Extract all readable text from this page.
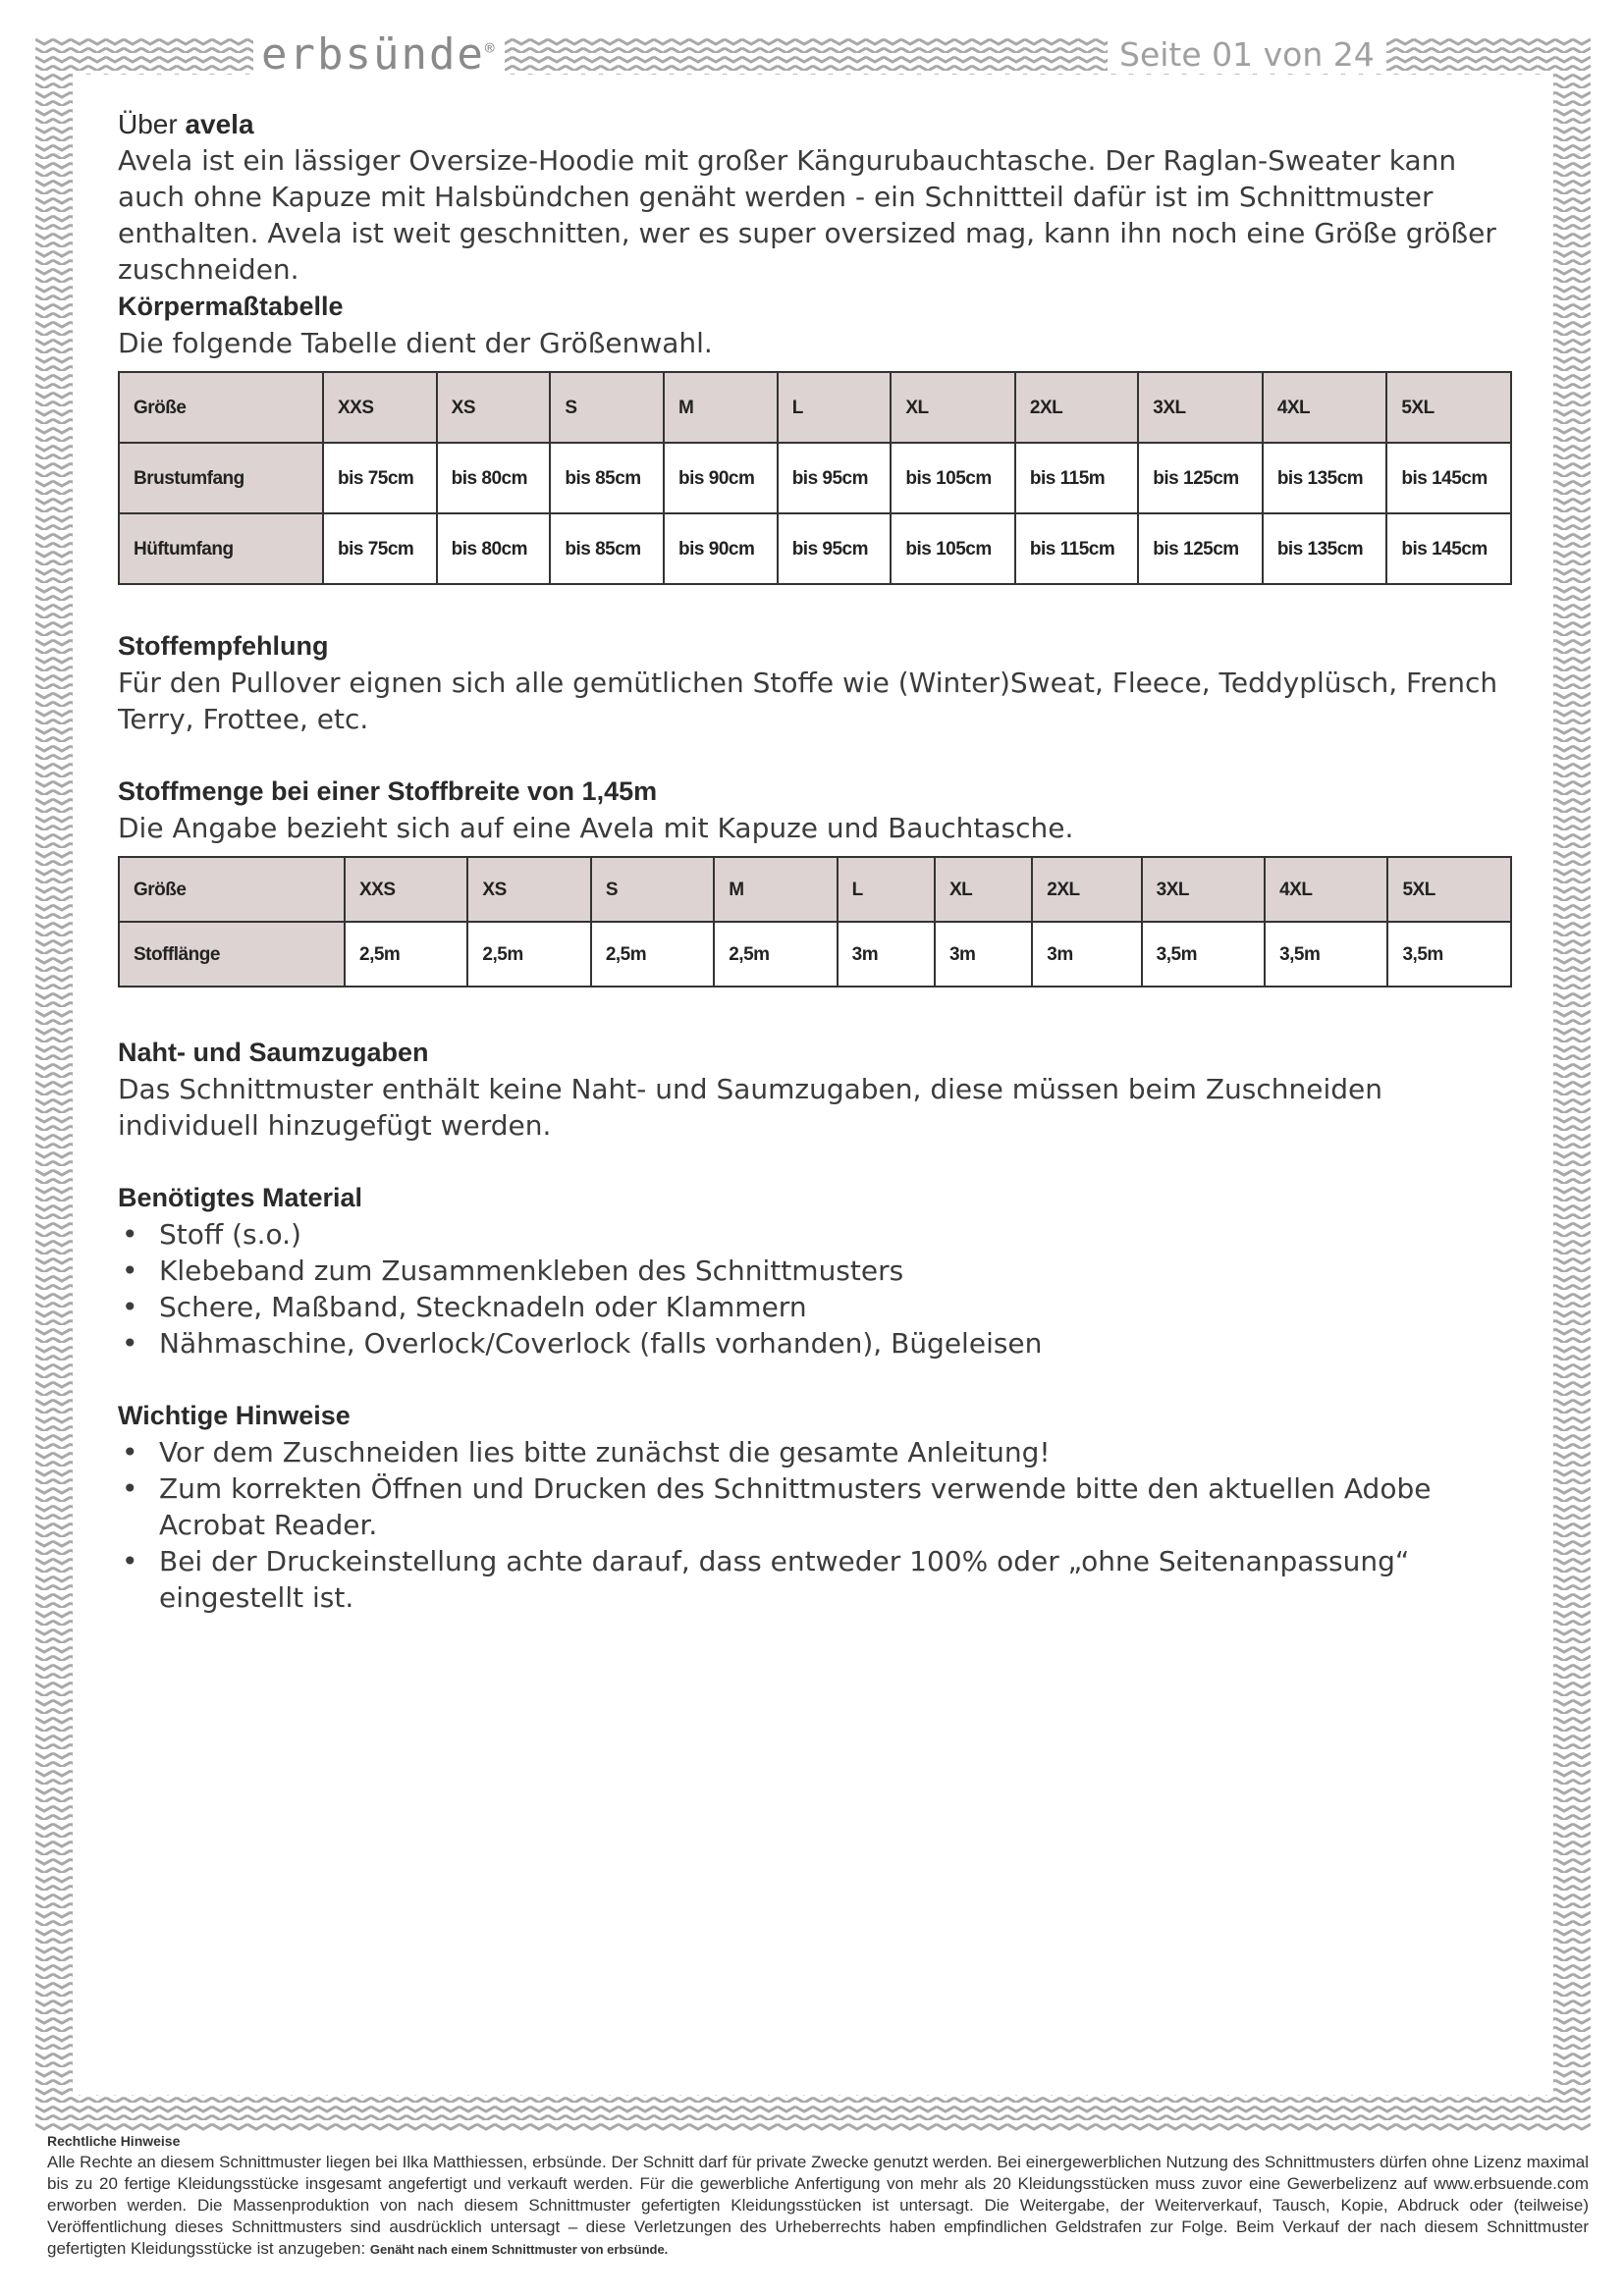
erbsünde®	Seite 01 von 24

Über avela

Avela ist ein lässiger Oversize-Hoodie mit großer Kängurubauchtasche. Der Raglan-Sweater kann auch ohne Kapuze mit Halsbündchen genäht werden - ein Schnittteil dafür ist im Schnittmuster enthalten. Avela ist weit geschnitten, wer es super oversized mag, kann ihn noch eine Größe größer zuschneiden.

Körpermaßtabelle

Die folgende Tabelle dient der Größenwahl.

Größe	XXS	XS	S	M	L	XL	2XL	3XL	4XL	5XL
Brustumfang	bis 75cm	bis 80cm	bis 85cm	bis 90cm	bis 95cm	bis 105cm	bis 115m	bis 125cm	bis 135cm	bis 145cm
Hüftumfang	bis 75cm	bis 80cm	bis 85cm	bis 90cm	bis 95cm	bis 105cm	bis 115cm	bis 125cm	bis 135cm	bis 145cm

Stoffempfehlung

Für den Pullover eignen sich alle gemütlichen Stoffe wie (Winter)Sweat, Fleece, Teddyplüsch, French Terry, Frottee, etc.

Stoffmenge bei einer Stoffbreite von 1,45m

Die Angabe bezieht sich auf eine Avela mit Kapuze und Bauchtasche.

Größe	XXS	XS	S	M	L	XL	2XL	3XL	4XL	5XL
Stofflänge	2,5m	2,5m	2,5m	2,5m	3m	3m	3m	3,5m	3,5m	3,5m

Naht- und Saumzugaben

Das Schnittmuster enthält keine Naht- und Saumzugaben, diese müssen beim Zuschneiden individuell hinzugefügt werden.

Benötigtes Material

• Stoff (s.o.)
• Klebeband zum Zusammenkleben des Schnittmusters
• Schere, Maßband, Stecknadeln oder Klammern
• Nähmaschine, Overlock/Coverlock (falls vorhanden), Bügeleisen

Wichtige Hinweise

• Vor dem Zuschneiden lies bitte zunächst die gesamte Anleitung!
• Zum korrekten Öffnen und Drucken des Schnittmusters verwende bitte den aktuellen Adobe Acrobat Reader.
• Bei der Druckeinstellung achte darauf, dass entweder 100% oder „ohne Seitenanpassung“ eingestellt ist.
Rechtliche Hinweise
Alle Rechte an diesem Schnittmuster liegen bei Ilka Matthiessen, erbsünde. Der Schnitt darf für private Zwecke genutzt werden. Bei einergewerblichen Nutzung des Schnittmusters dürfen ohne Lizenz maximal bis zu 20 fertige Kleidungsstücke insgesamt angefertigt und verkauft werden. Für die gewerbliche Anfertigung von mehr als 20 Kleidungsstücken muss zuvor eine Gewerbelizenz auf www.erbsuende.com erworben werden. Die Massenproduktion von nach diesem Schnittmuster gefertigten Kleidungsstücken ist untersagt. Die Weitergabe, der Weiterverkauf, Tausch, Kopie, Abdruck oder (teilweise) Veröffentlichung dieses Schnittmusters sind ausdrücklich untersagt – diese Verletzungen des Urheberrechts haben empfindlichen Geldstrafen zur Folge. Beim Verkauf der nach diesem Schnittmuster gefertigten Kleidungsstücke ist anzugeben: Genäht nach einem Schnittmuster von erbsünde.
